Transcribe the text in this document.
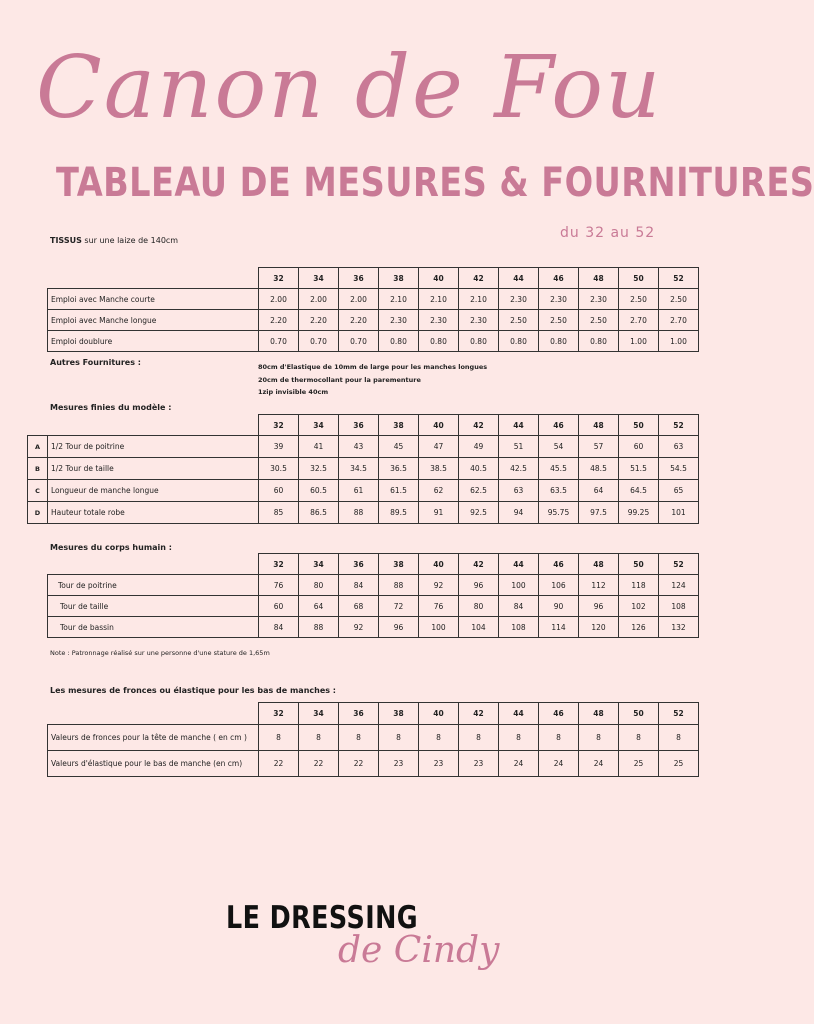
Canon de Fou
TABLEAU DE MESURES & FOURNITURES
du 32 au 52
TISSUS sur une laize de 140cm
	32	34	36	38	40	42	44	46	48	50	52
Emploi avec Manche courte	2.00	2.00	2.00	2.10	2.10	2.10	2.30	2.30	2.30	2.50	2.50
Emploi avec Manche longue	2.20	2.20	2.20	2.30	2.30	2.30	2.50	2.50	2.50	2.70	2.70
Emploi doublure	0.70	0.70	0.70	0.80	0.80	0.80	0.80	0.80	0.80	1.00	1.00
Autres Fournitures :	80cm d'Elastique de 10mm de large pour les manches longues
20cm de thermocollant pour la parementure
1zip invisible 40cm
Mesures finies du modèle :
		32	34	36	38	40	42	44	46	48	50	52
A	1/2 Tour de poitrine	39	41	43	45	47	49	51	54	57	60	63
B	1/2 Tour de taille	30.5	32.5	34.5	36.5	38.5	40.5	42.5	45.5	48.5	51.5	54.5
C	Longueur de manche longue	60	60.5	61	61.5	62	62.5	63	63.5	64	64.5	65
D	Hauteur totale robe	85	86.5	88	89.5	91	92.5	94	95.75	97.5	99.25	101
Mesures du corps humain :
	32	34	36	38	40	42	44	46	48	50	52
Tour de poitrine	76	80	84	88	92	96	100	106	112	118	124
Tour de taille	60	64	68	72	76	80	84	90	96	102	108
Tour de bassin	84	88	92	96	100	104	108	114	120	126	132
Note : Patronnage réalisé sur une personne d'une stature de 1,65m
Les mesures de fronces ou élastique pour les bas de manches :
	32	34	36	38	40	42	44	46	48	50	52
Valeurs de fronces pour la tête de manche ( en cm )	8	8	8	8	8	8	8	8	8	8	8
Valeurs d'élastique pour le bas de manche (en cm)	22	22	22	23	23	23	24	24	24	25	25
LE DRESSING
de Cindy
